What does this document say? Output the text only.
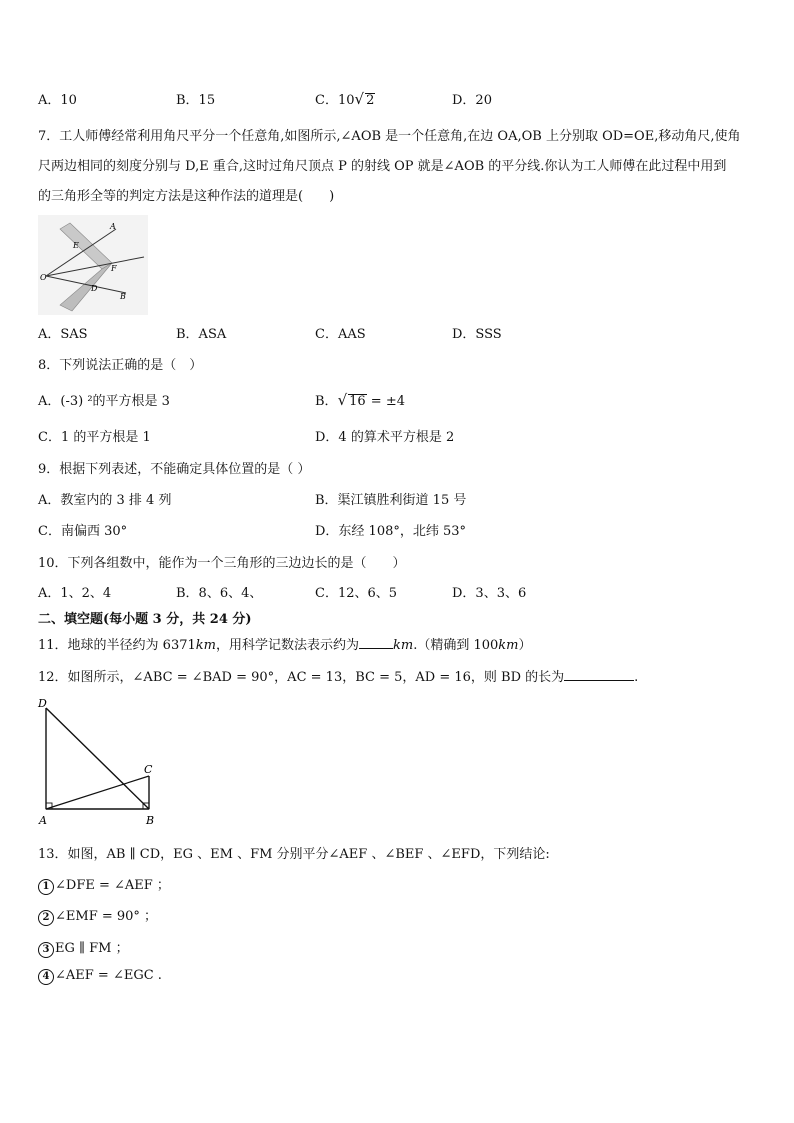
A．10	B．15	C．10√ 2	D．20
7．工人师傅经常利用角尺平分一个任意角,如图所示,∠AOB 是一个任意角,在边 OA,OB 上分别取 OD=OE,移动角尺,使角
尺两边相同的刻度分别与 D,E 重合,这时过角尺顶点 P 的射线 OP 就是∠AOB 的平分线.你认为工人师傅在此过程中用到
的三角形全等的判定方法是这种作法的道理是(　　)
A
E
F
O
D
B
A．SAS	B．ASA	C．AAS	D．SSS
8．下列说法正确的是（　）
A．(-3) ²的平方根是 3	B．√ 16 = ±4
C．1 的平方根是 1	D．4 的算术平方根是 2
9．根据下列表述，不能确定具体位置的是（ ）
A．教室内的 3 排 4 列	B．渠江镇胜利街道 15 号
C．南偏西 30°	D．东经 108°，北纬 53°
10．下列各组数中，能作为一个三角形的三边边长的是（　　）
A．1、2、4	B．8、6、4、	C．12、6、5	D．3、3、6
二、填空题(每小题 3 分，共 24 分)
11．地球的半径约为 6371km，用科学记数法表示约为	km.（精确到 100km）
12．如图所示，∠ABC = ∠BAD = 90°，AC = 13，BC = 5，AD = 16，则 BD 的长为	.
D
C
A	B
13．如图，AB ∥ CD，EG 、EM 、FM 分别平分∠AEF 、∠BEF 、∠EFD，下列结论:
1 ∠DFE = ∠AEF ；
2 ∠EMF = 90° ；
3 EG ∥ FM ；
4 ∠AEF = ∠EGC .
